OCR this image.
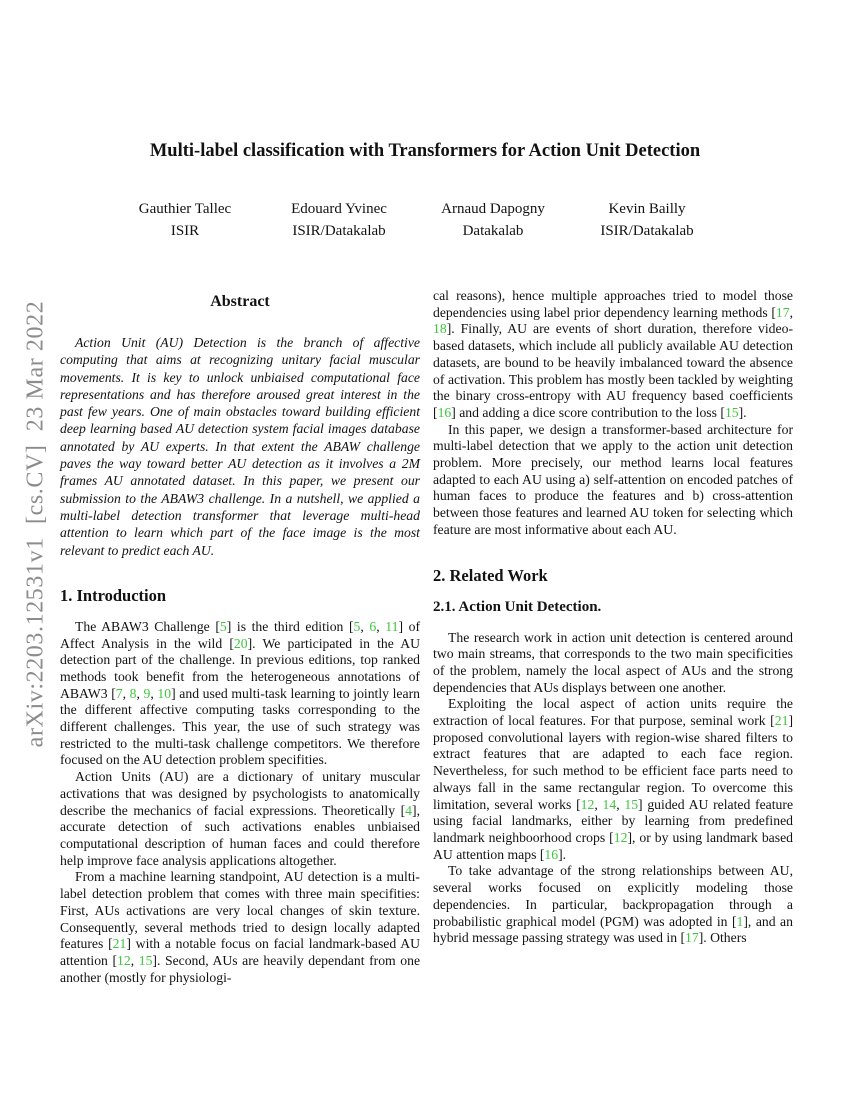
arXiv:2203.12531v1  [cs.CV]  23 Mar 2022
Multi-label classification with Transformers for Action Unit Detection
Gauthier Tallec
ISIR
Edouard Yvinec
ISIR/Datakalab
Arnaud Dapogny
Datakalab
Kevin Bailly
ISIR/Datakalab
Abstract

Action Unit (AU) Detection is the branch of affective computing that aims at recognizing unitary facial muscular movements. It is key to unlock unbiaised computational face representations and has therefore aroused great interest in the past few years. One of main obstacles toward building efficient deep learning based AU detection system facial images database annotated by AU experts. In that extent the ABAW challenge paves the way toward better AU detection as it involves a 2M frames AU annotated dataset. In this paper, we present our submission to the ABAW3 challenge. In a nutshell, we applied a multi-label detection transformer that leverage multi-head attention to learn which part of the face image is the most relevant to predict each AU.

1. Introduction

The ABAW3 Challenge [5] is the third edition [5, 6, 11] of Affect Analysis in the wild [20]. We participated in the AU detection part of the challenge. In previous editions, top ranked methods took benefit from the heterogeneous annotations of ABAW3 [7, 8, 9, 10] and used multi-task learning to jointly learn the different affective computing tasks corresponding to the different challenges. This year, the use of such strategy was restricted to the multi-task challenge competitors. We therefore focused on the AU detection problem specifities.

Action Units (AU) are a dictionary of unitary muscular activations that was designed by psychologists to anatomically describe the mechanics of facial expressions. Theoretically [4], accurate detection of such activations enables unbiaised computational description of human faces and could therefore help improve face analysis applications altogether.

From a machine learning standpoint, AU detection is a multi-label detection problem that comes with three main specifities: First, AUs activations are very local changes of skin texture. Consequently, several methods tried to design locally adapted features [21] with a notable focus on facial landmark-based AU attention [12, 15]. Second, AUs are heavily dependant from one another (mostly for physiologi-

cal reasons), hence multiple approaches tried to model those dependencies using label prior dependency learning methods [17, 18]. Finally, AU are events of short duration, therefore video-based datasets, which include all publicly available AU detection datasets, are bound to be heavily imbalanced toward the absence of activation. This problem has mostly been tackled by weighting the binary cross-entropy with AU frequency based coefficients [16] and adding a dice score contribution to the loss [15].

In this paper, we design a transformer-based architecture for multi-label detection that we apply to the action unit detection problem. More precisely, our method learns local features adapted to each AU using a) self-attention on encoded patches of human faces to produce the features and b) cross-attention between those features and learned AU token for selecting which feature are most informative about each AU.

2. Related Work
2.1. Action Unit Detection.

The research work in action unit detection is centered around two main streams, that corresponds to the two main specificities of the problem, namely the local aspect of AUs and the strong dependencies that AUs displays between one another.

Exploiting the local aspect of action units require the extraction of local features. For that purpose, seminal work [21] proposed convolutional layers with region-wise shared filters to extract features that are adapted to each face region. Nevertheless, for such method to be efficient face parts need to always fall in the same rectangular region. To overcome this limitation, several works [12, 14, 15] guided AU related feature using facial landmarks, either by learning from predefined landmark neighboorhood crops [12], or by using landmark based AU attention maps [16].

To take advantage of the strong relationships between AU, several works focused on explicitly modeling those dependencies. In particular, backpropagation through a probabilistic graphical model (PGM) was adopted in [1], and an hybrid message passing strategy was used in [17]. Others
